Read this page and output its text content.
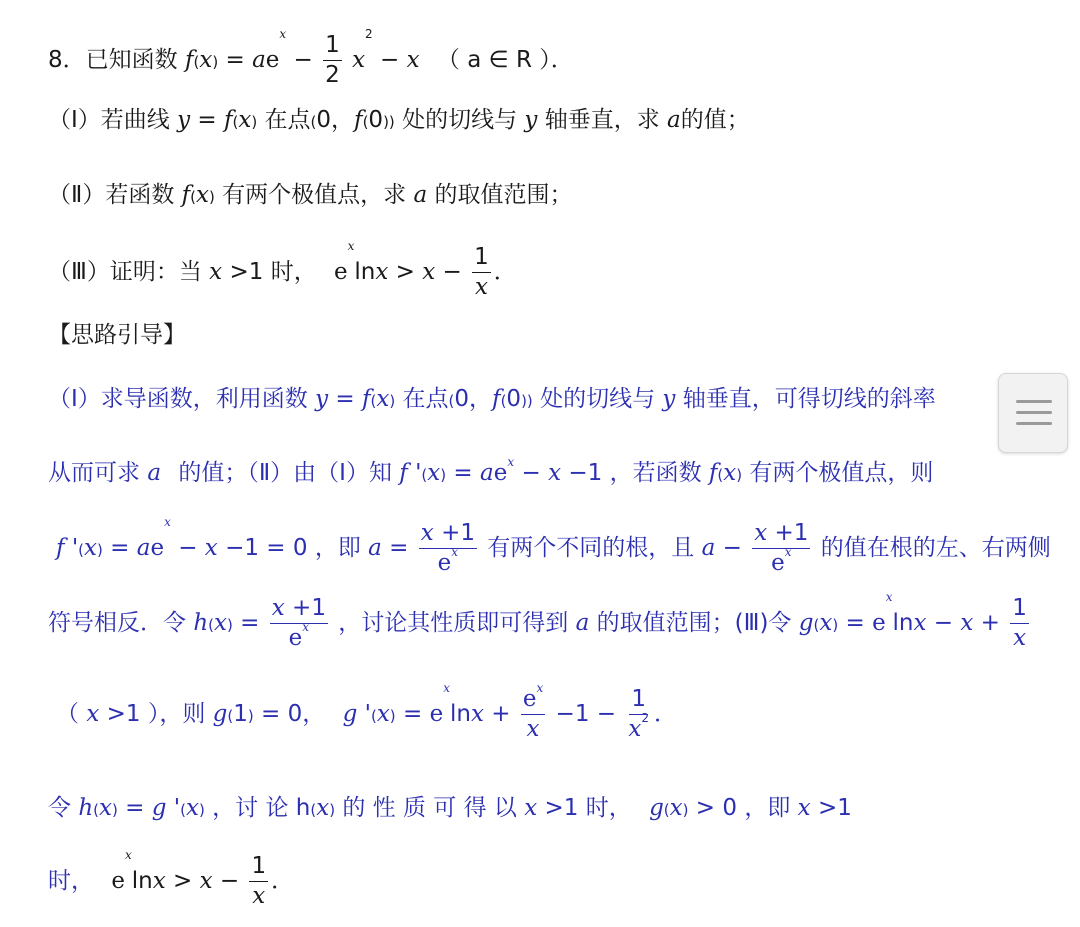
8．已知函数 $f(x) = ae^x - \frac{1}{2} x^2 - x$ （ a ∈ R ）．
（Ⅰ）若曲线 y = f(x) 在点(0，f(0)) 处的切线与 y 轴垂直，求 a的值；
（Ⅱ）若函数 f(x) 有两个极值点，求 a 的取值范围；
（Ⅲ）证明：当 x >1 时， $e^x\ln x > x - \frac{1}{x}$ ．
【思路引导】
（Ⅰ）求导函数，利用函数 y = f(x) 在点(0，f(0)) 处的切线与 y 轴垂直，可得切线的斜率
从而可求 a 的值；（Ⅱ）由（Ⅰ）知 f '$(x) = ae^x - x -1$ ，若函数 f(x) 有两个极值点，则
f '$(x) = ae^x - x -1 = 0$ ，即 $a = \frac{x +1}{e^x}$ 有两个不同的根，且 $a - \frac{x +1}{e^x}$ 的值在根的左、右两侧
符号相反．令 $h(x) = \frac{x +1}{e^x}$ ，讨论其性质即可得到 a 的取值范围；(Ⅲ)令 $g(x) = e^x\ln x - x + \frac{1}{x}$
（ x >1 ），则 g(1) = 0， g '$(x) = e^x\ln x + \frac{e^x}{x} -1 - \frac{1}{x^2}$ ．
令 h(x) = g '(x) ，讨 论 h(x) 的 性 质 可 得 以 x >1 时， g(x) > 0 ，即 x >1
时， $e^x\ln x > x - \frac{1}{x}$ ．
